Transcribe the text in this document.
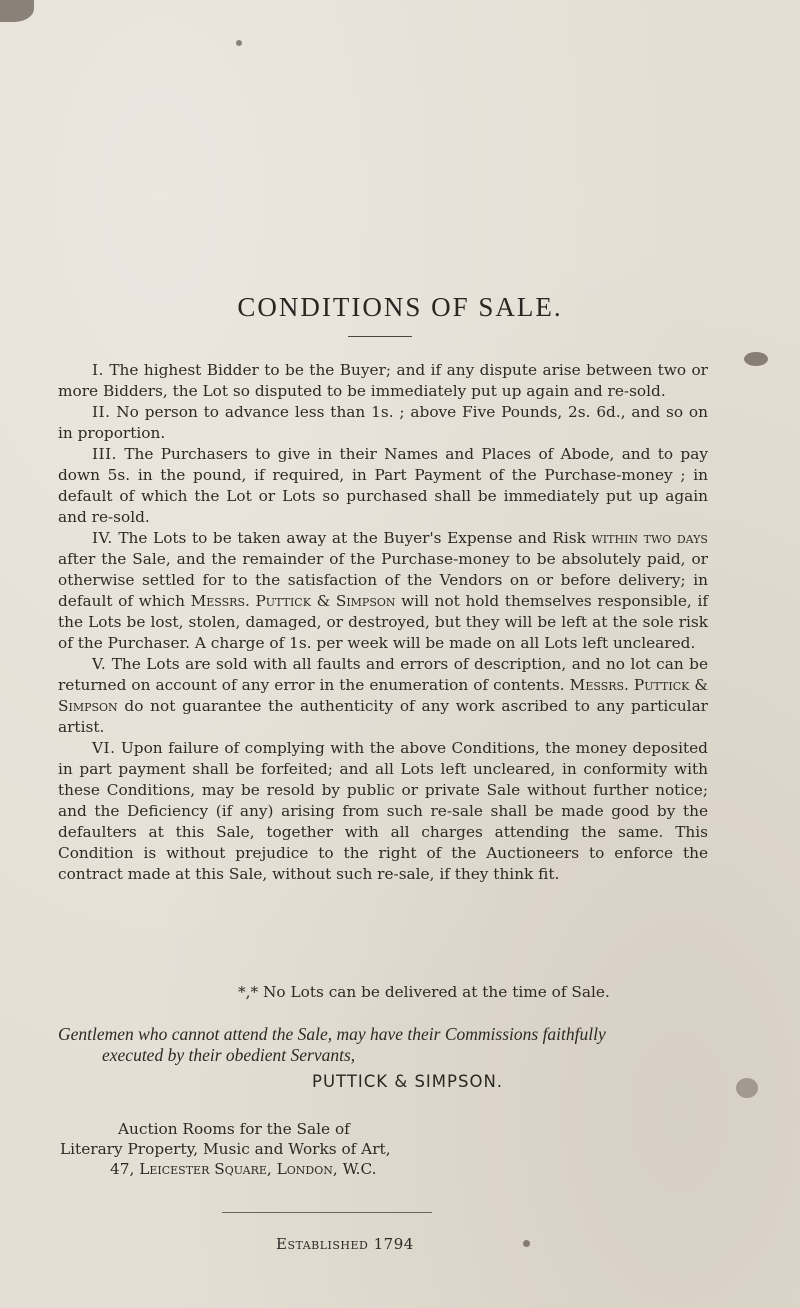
CONDITIONS OF SALE.

I. The highest Bidder to be the Buyer; and if any dispute arise between two or more Bidders, the Lot so disputed to be immediately put up again and re-sold.

II. No person to advance less than 1s. ; above Five Pounds, 2s. 6d., and so on in proportion.

III. The Purchasers to give in their Names and Places of Abode, and to pay down 5s. in the pound, if required, in Part Payment of the Purchase-money ; in default of which the Lot or Lots so purchased shall be immediately put up again and re-sold.

IV. The Lots to be taken away at the Buyer's Expense and Risk within two days after the Sale, and the remainder of the Purchase-money to be absolutely paid, or otherwise settled for to the satisfaction of the Vendors on or before delivery; in default of which Messrs. Puttick & Simpson will not hold themselves responsible, if the Lots be lost, stolen, damaged, or destroyed, but they will be left at the sole risk of the Purchaser. A charge of 1s. per week will be made on all Lots left uncleared.

V. The Lots are sold with all faults and errors of description, and no lot can be returned on account of any error in the enumeration of contents. Messrs. Puttick & Simpson do not guarantee the authenticity of any work ascribed to any particular artist.

VI. Upon failure of complying with the above Conditions, the money deposited in part payment shall be forfeited; and all Lots left uncleared, in conformity with these Conditions, may be resold by public or private Sale without further notice; and the Deficiency (if any) arising from such re-sale shall be made good by the defaulters at this Sale, together with all charges attending the same. This Condition is without prejudice to the right of the Auctioneers to enforce the contract made at this Sale, without such re-sale, if they think fit.

*,* No Lots can be delivered at the time of Sale.
Gentlemen who cannot attend the Sale, may have their Commissions faithfully
executed by their obedient Servants,
PUTTICK & SIMPSON.
Auction Rooms for the Sale of
Literary Property, Music and Works of Art,
47, Leicester Square, London, W.C.
Established 1794
